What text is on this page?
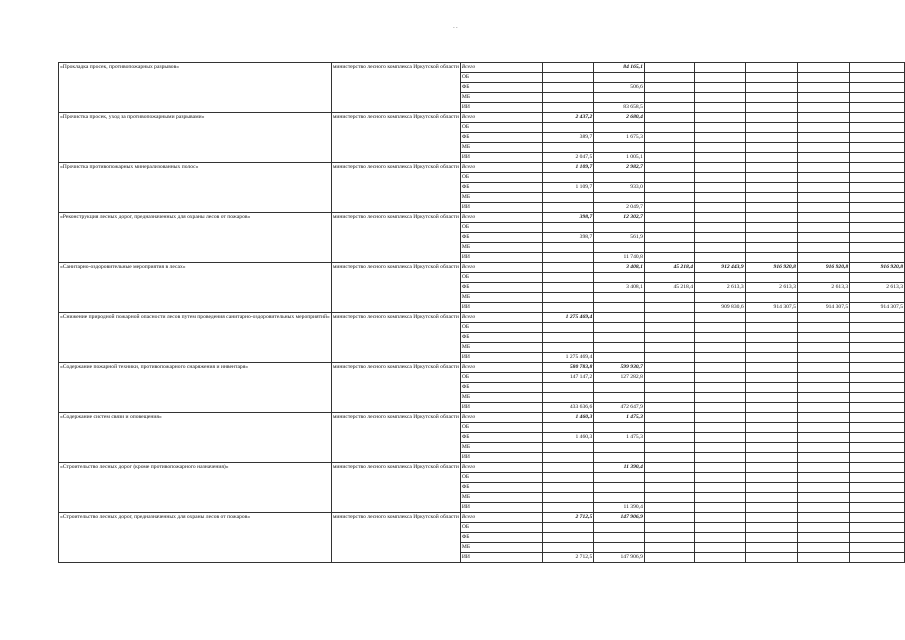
- -
«Прокладка просек, противопожарных разрывов»	министерство лесного комплекса Иркутской области	Всего		84 165,1					
		ОБ							
		ФБ		506,6					
		МБ							
		ИИ		83 658,5					
«Прочистка просек, уход за противопожарными разрывами»	министерство лесного комплекса Иркутской области	Всего	2 437,2	2 680,4					
		ОБ							
		ФБ	389,7	1 675,3					
		МБ							
		ИИ	2 047,5	1 005,1					
«Прочистка противопожарных минерализованных полос»	министерство лесного комплекса Иркутской области	Всего	1 109,7	2 982,7					
		ОБ							
		ФБ	1 109,7	933,0					
		МБ							
		ИИ		2 049,7					
«Реконструкция лесных дорог, предназначенных для охраны лесов от пожаров»	министерство лесного комплекса Иркутской области	Всего	398,7	12 302,7					
		ОБ							
		ФБ	398,7	561,9					
		МБ							
		ИИ		11 740,8					
«Санитарно-оздоровительные мероприятия в лесах»	министерство лесного комплекса Иркутской области	Всего		3 408,1	45 218,4	912 443,9	916 920,8	916 920,8	916 920,8
		ОБ							
		ФБ		3 408,1	45 218,4	2 613,3	2 613,3	2 613,3	2 613,3
		МБ							
		ИИ				909 830,6	914 307,5	914 307,5	914 307,5
«Снижение природной пожарной опасности лесов путем проведения санитарно-оздоровительных мероприятий»	министерство лесного комплекса Иркутской области	Всего	1 275 469,4						
		ОБ							
		ФБ							
		МБ							
		ИИ	1 275 469,4						
«Содержание пожарной техники, противопожарного снаряжения и инвентаря»	министерство лесного комплекса Иркутской области	Всего	580 783,8	599 930,7					
		ОБ	147 147,2	127 282,8					
		ФБ							
		МБ							
		ИИ	433 636,6	472 647,9					
«Содержание систем связи и оповещения»	министерство лесного комплекса Иркутской области	Всего	1 460,3	1 475,3					
		ОБ							
		ФБ	1 460,3	1 475,3					
		МБ							
		ИИ							
«Строительство лесных дорог (кроме противопожарного назначения)»	министерство лесного комплекса Иркутской области	Всего		11 390,4					
		ОБ							
		ФБ							
		МБ							
		ИИ		11 390,4					
«Строительство лесных дорог, предназначенных для охраны лесов от пожаров»	министерство лесного комплекса Иркутской области	Всего	2 712,5	147 906,9					
		ОБ							
		ФБ							
		МБ							
		ИИ	2 712,5	147 906,9					
